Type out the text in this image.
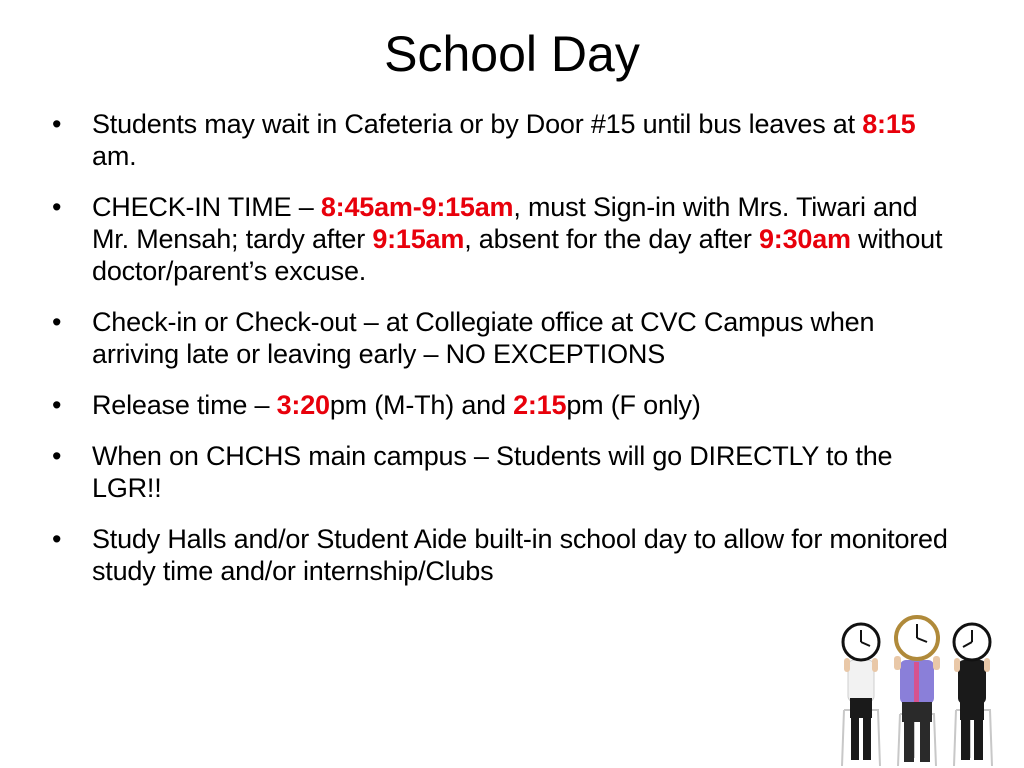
School Day
•	Students may wait in Cafeteria or by Door #15 until bus leaves at 8:15 am.
•	CHECK-IN TIME – 8:45am-9:15am, must Sign-in with Mrs. Tiwari and Mr. Mensah; tardy after 9:15am, absent for the day after 9:30am without doctor/parent’s excuse.
•	Check-in or Check-out – at Collegiate office at CVC Campus when arriving late or leaving early – NO EXCEPTIONS
•	Release time – 3:20pm (M-Th) and 2:15pm (F only)
•	When on CHCHS main campus – Students will go DIRECTLY to the LGR!!
•	Study Halls and/or Student Aide built-in school day to allow for monitored study time and/or internship/Clubs
